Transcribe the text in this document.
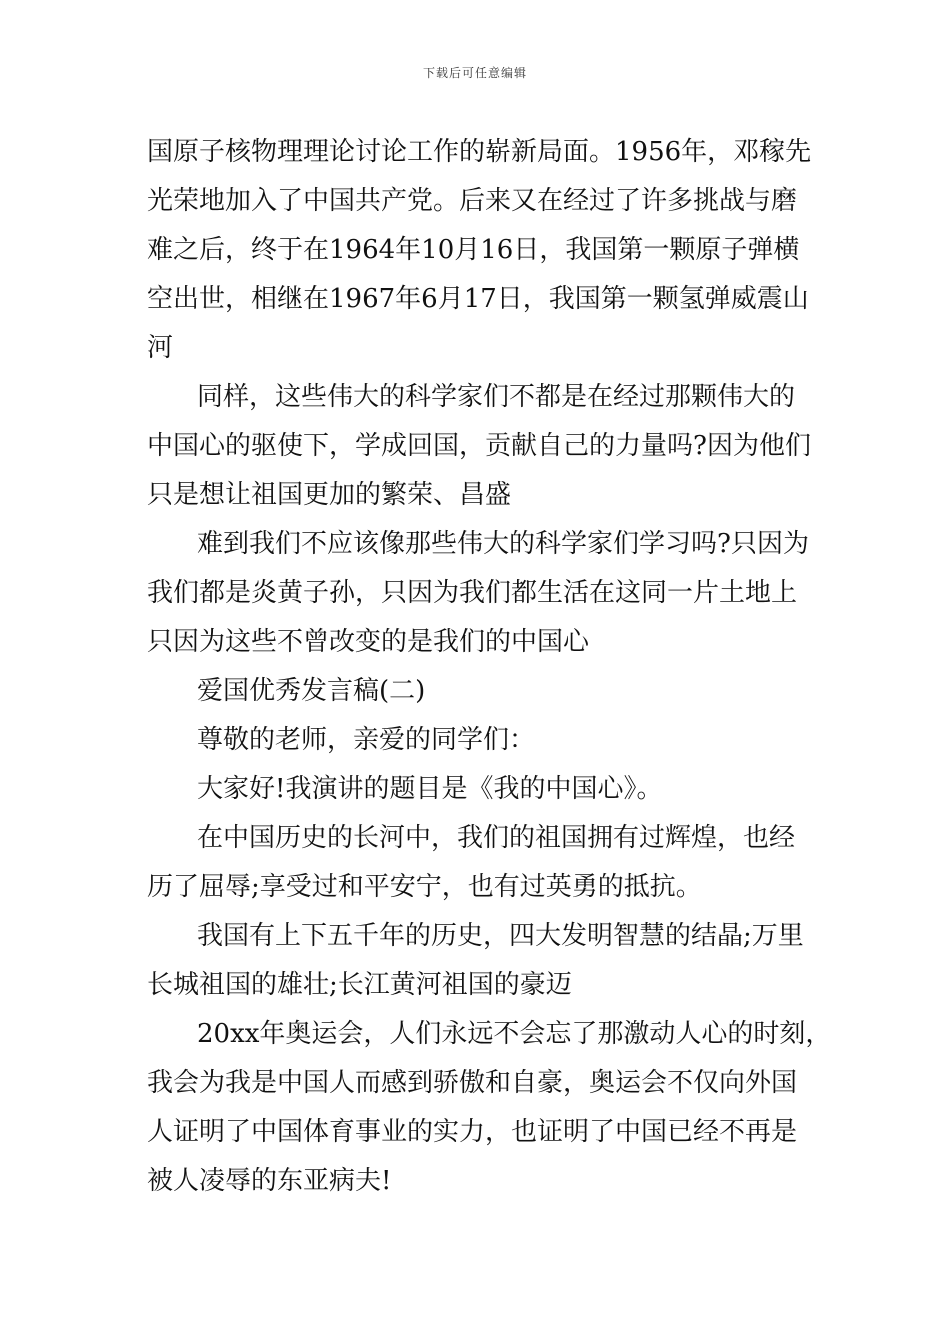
下载后可任意编辑
国原子核物理理论讨论工作的崭新局面。1956年，邓稼先
光荣地加入了中国共产党。后来又在经过了许多挑战与磨
难之后，终于在1964年10月16日，我国第一颗原子弹横
空出世，相继在1967年6月17日，我国第一颗氢弹威震山
河
同样，这些伟大的科学家们不都是在经过那颗伟大的
中国心的驱使下，学成回国，贡献自己的力量吗?因为他们
只是想让祖国更加的繁荣、昌盛
难到我们不应该像那些伟大的科学家们学习吗?只因为
我们都是炎黄子孙，只因为我们都生活在这同一片土地上
只因为这些不曾改变的是我们的中国心
爱国优秀发言稿(二)
尊敬的老师，亲爱的同学们：
大家好!我演讲的题目是《我的中国心》。
在中国历史的长河中，我们的祖国拥有过辉煌，也经
历了屈辱;享受过和平安宁，也有过英勇的抵抗。
我国有上下五千年的历史，四大发明智慧的结晶;万里
长城祖国的雄壮;长江黄河祖国的豪迈
20xx年奥运会，人们永远不会忘了那激动人心的时刻，
我会为我是中国人而感到骄傲和自豪，奥运会不仅向外国
人证明了中国体育事业的实力，也证明了中国已经不再是
被人凌辱的东亚病夫!
